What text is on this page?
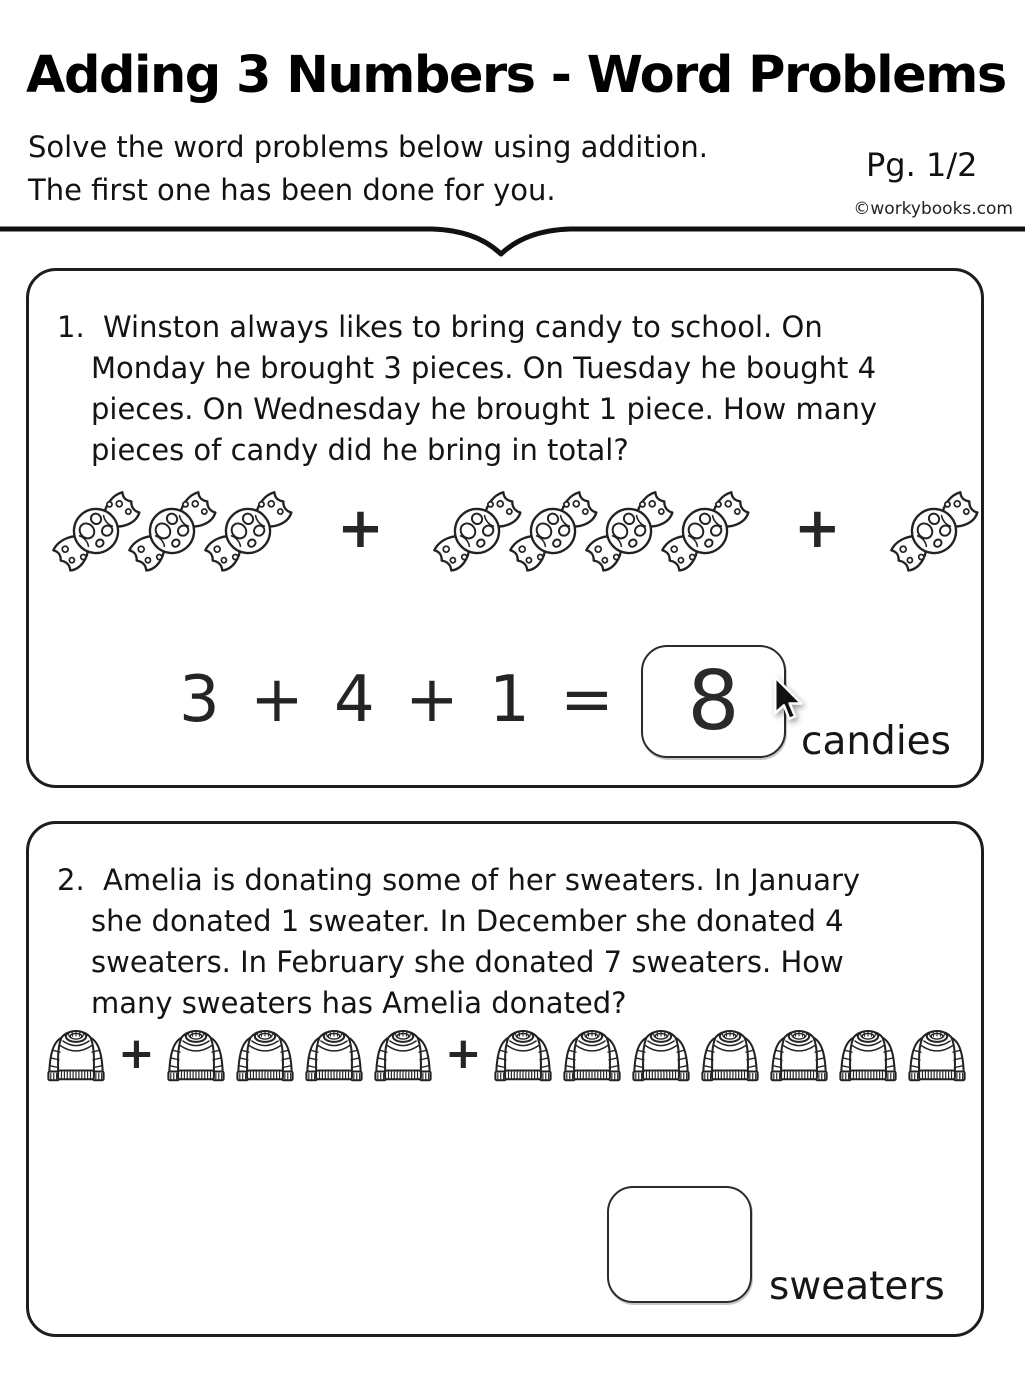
Adding 3 Numbers - Word Problems
Solve the word problems below using addition.
The first one has been done for you.
Pg. 1/2
©workybooks.com
1. Winston always likes to bring candy to school. On
Monday he brought 3 pieces. On Tuesday he bought 4
pieces. On Wednesday he brought 1 piece. How many
pieces of candy did he bring in total?
+	+
3 + 4 + 1 = 8 candies
2. Amelia is donating some of her sweaters. In January
she donated 1 sweater. In December she donated 4
sweaters. In February she donated 7 sweaters. How
many sweaters has Amelia donated?
+	+
sweaters
